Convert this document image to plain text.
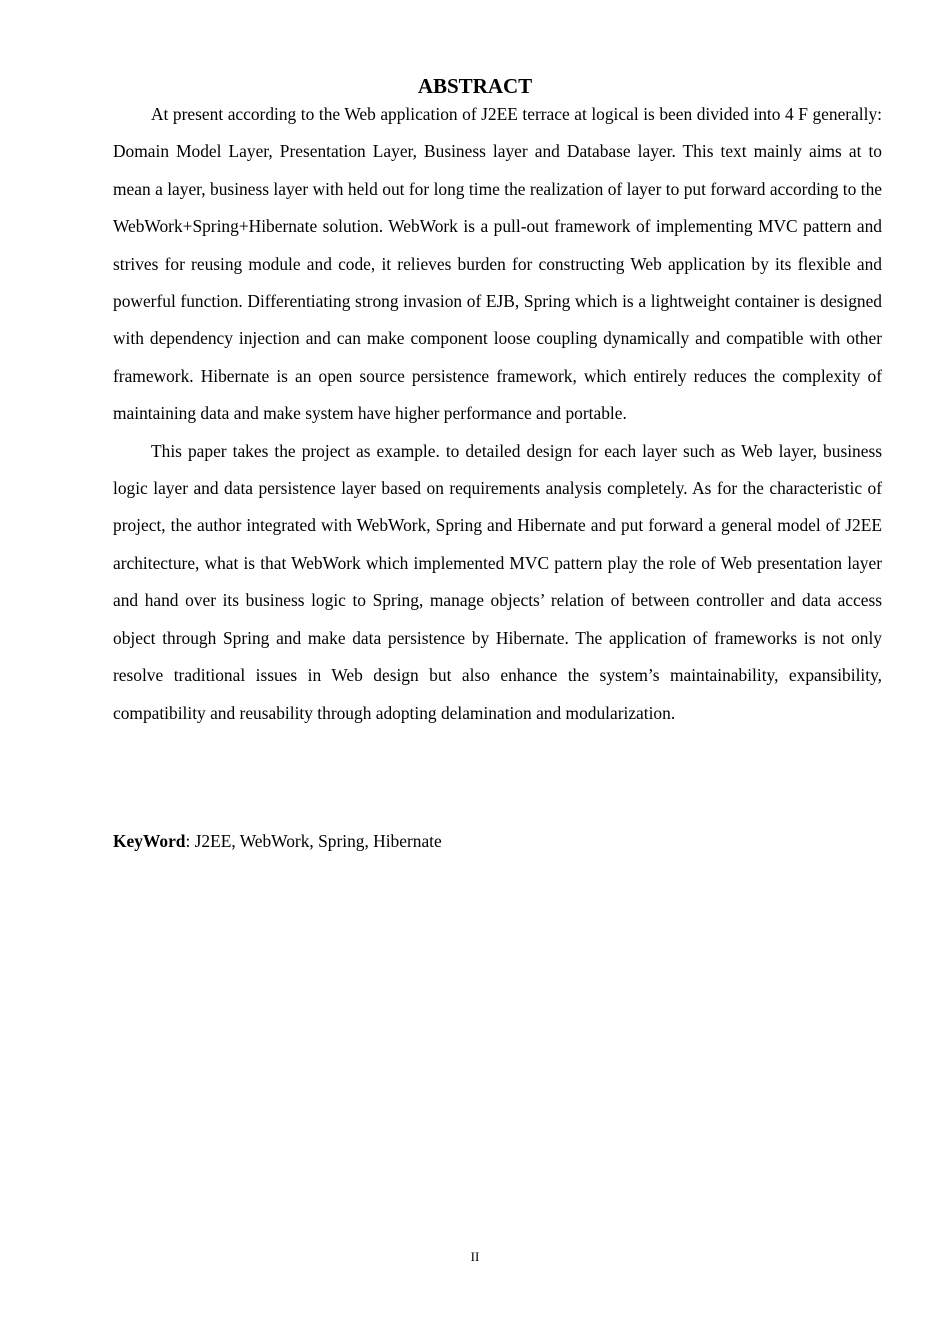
ABSTRACT

At present according to the Web application of J2EE terrace at logical is been divided into 4 F generally: Domain Model Layer, Presentation Layer, Business layer and Database layer. This text mainly aims at to mean a layer, business layer with held out for long time the realization of layer to put forward according to the WebWork+Spring+Hibernate solution. WebWork is a pull-out framework of implementing MVC pattern and strives for reusing module and code, it relieves burden for constructing Web application by its flexible and powerful function. Differentiating strong invasion of EJB, Spring which is a lightweight container is designed with dependency injection and can make component loose coupling dynamically and compatible with other framework. Hibernate is an open source persistence framework, which entirely reduces the complexity of maintaining data and make system have higher performance and portable.

This paper takes the project as example. to detailed design for each layer such as Web layer, business logic layer and data persistence layer based on requirements analysis completely. As for the characteristic of project, the author integrated with WebWork, Spring and Hibernate and put forward a general model of J2EE architecture, what is that WebWork which implemented MVC pattern play the role of Web presentation layer and hand over its business logic to Spring, manage objects’ relation of between controller and data access object through Spring and make data persistence by Hibernate. The application of frameworks is not only resolve traditional issues in Web design but also enhance the system’s maintainability, expansibility, compatibility and reusability through adopting delamination and modularization.

KeyWord: J2EE, WebWork, Spring, Hibernate

II
